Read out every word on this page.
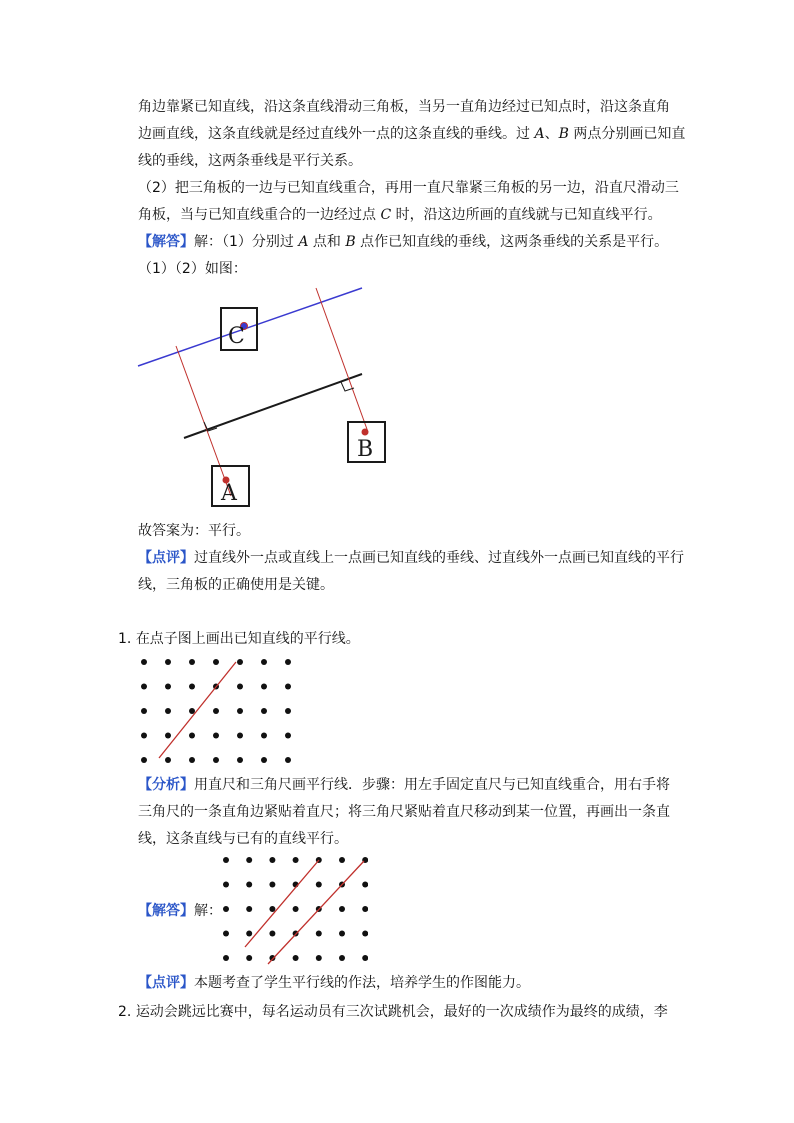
角边靠紧已知直线，沿这条直线滑动三角板，当另一直角边经过已知点时，沿这条直角
边画直线，这条直线就是经过直线外一点的这条直线的垂线。过 A、B 两点分别画已知直
线的垂线，这两条垂线是平行关系。
（2）把三角板的一边与已知直线重合，再用一直尺靠紧三角板的另一边，沿直尺滑动三
角板，当与已知直线重合的一边经过点 C 时，沿这边所画的直线就与已知直线平行。
【解答】解：（1）分别过 A 点和 B 点作已知直线的垂线，这两条垂线的关系是平行。
（1）（2）如图：
C
B
A
故答案为：平行。
【点评】过直线外一点或直线上一点画已知直线的垂线、过直线外一点画已知直线的平行
线，三角板的正确使用是关键。
1. 在点子图上画出已知直线的平行线。
【分析】用直尺和三角尺画平行线．步骤：用左手固定直尺与已知直线重合，用右手将
三角尺的一条直角边紧贴着直尺；将三角尺紧贴着直尺移动到某一位置，再画出一条直
线，这条直线与已有的直线平行。
【解答】解：
【点评】本题考查了学生平行线的作法，培养学生的作图能力。
2. 运动会跳远比赛中，每名运动员有三次试跳机会，最好的一次成绩作为最终的成绩，李
